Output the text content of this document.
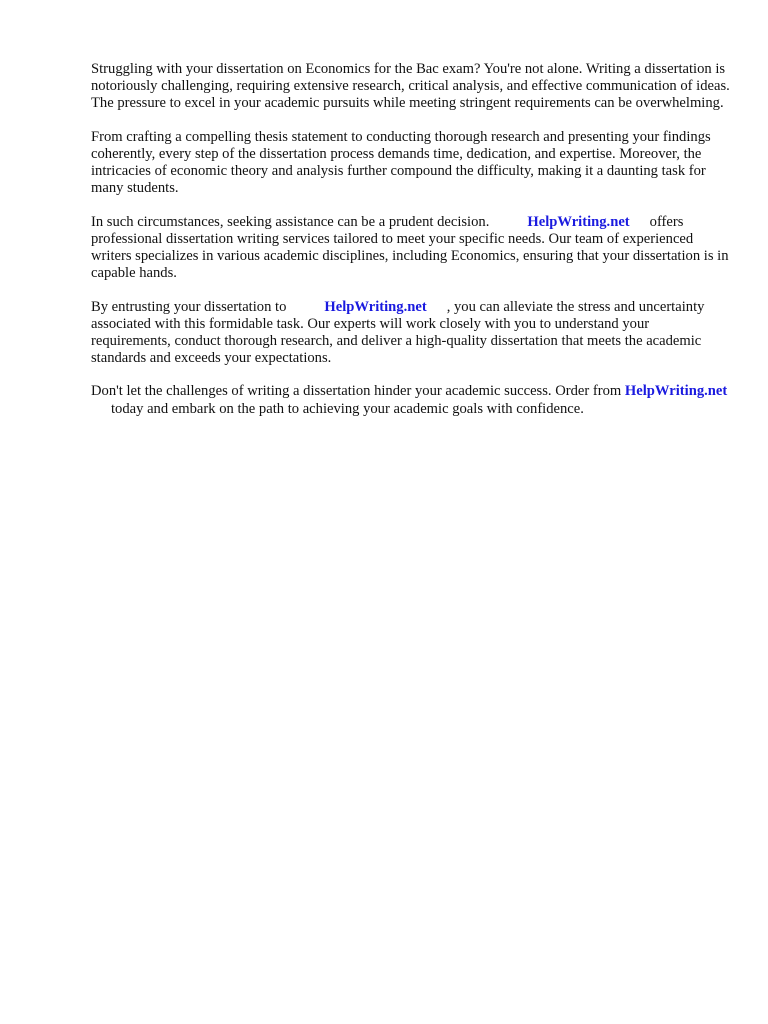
Struggling with your dissertation on Economics for the Bac exam? You're not alone. Writing a dissertation is notoriously challenging, requiring extensive research, critical analysis, and effective communication of ideas. The pressure to excel in your academic pursuits while meeting stringent requirements can be overwhelming.

From crafting a compelling thesis statement to conducting thorough research and presenting your findings coherently, every step of the dissertation process demands time, dedication, and expertise. Moreover, the intricacies of economic theory and analysis further compound the difficulty, making it a daunting task for many students.

In such circumstances, seeking assistance can be a prudent decision.	HelpWriting.net offers professional dissertation writing services tailored to meet your specific needs. Our team of experienced writers specializes in various academic disciplines, including Economics, ensuring that your dissertation is in capable hands.

By entrusting your dissertation to	HelpWriting.net , you can alleviate the stress and uncertainty associated with this formidable task. Our experts will work closely with you to understand your requirements, conduct thorough research, and deliver a high-quality dissertation that meets the academic standards and exceeds your expectations.

Don't let the challenges of writing a dissertation hinder your academic success. Order from HelpWriting.nettoday and embark on the path to achieving your academic goals with confidence.
